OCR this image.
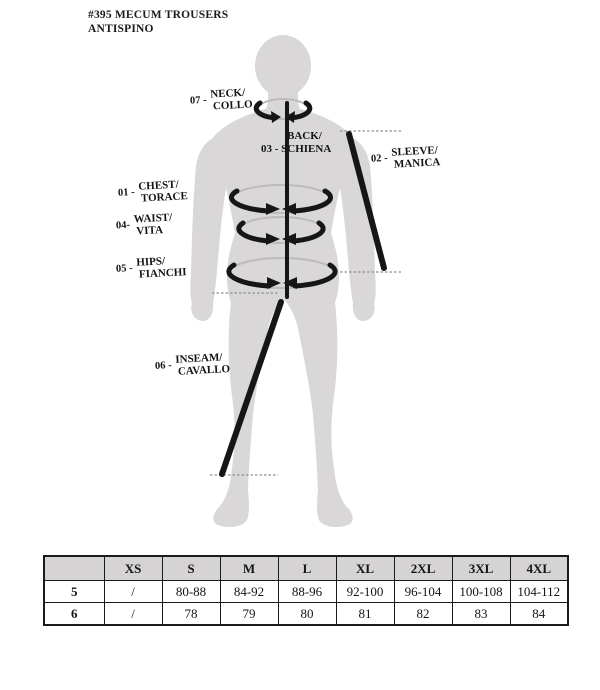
#395 MECUM TROUSERS
ANTISPINO
07 -
NECK/
COLLO
BACK/
03 - SCHIENA
02 -
SLEEVE/
MANICA
01 -
CHEST/
TORACE
04-
WAIST/
VITA
05 -
HIPS/
FIANCHI
06 -
INSEAM/
CAVALLO
	XS	S	M	L	XL	2XL	3XL	4XL
5	/	80-88	84-92	88-96	92-100	96-104	100-108	104-112
6	/	78	79	80	81	82	83	84
